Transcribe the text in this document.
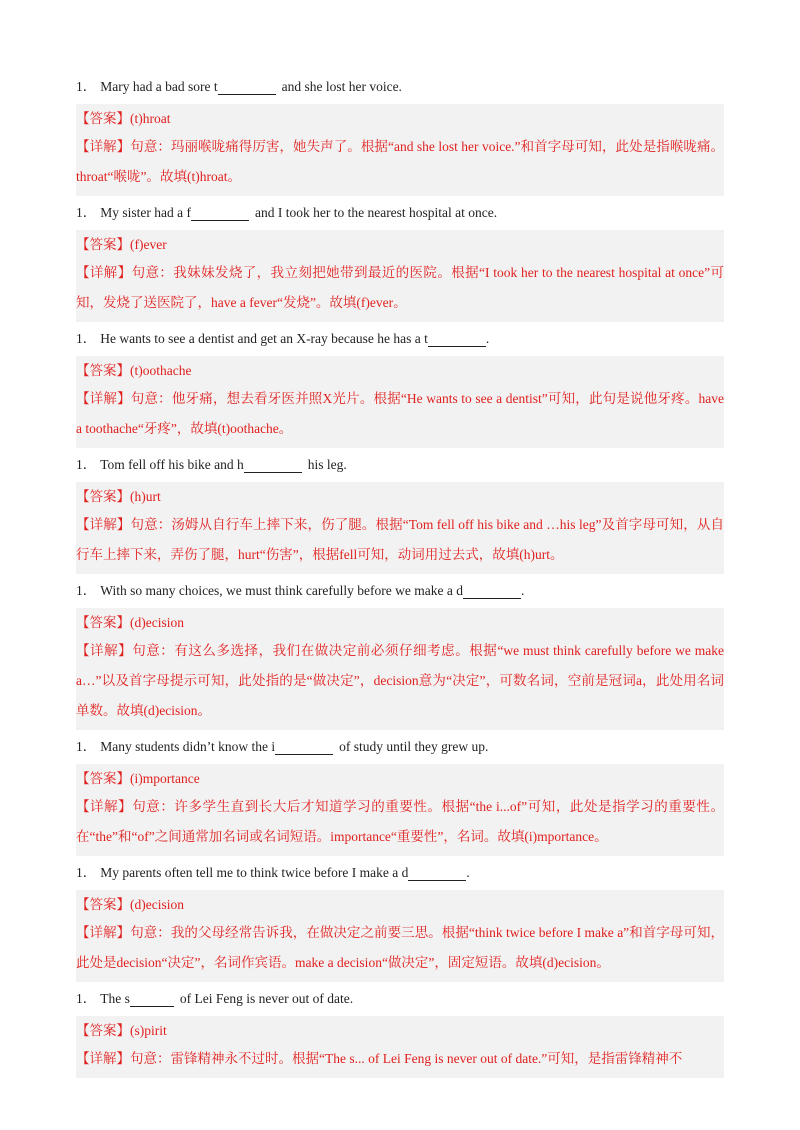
1． Mary had a bad sore t	and she lost her voice.
【答案】(t)hroat
【详解】句意：玛丽喉咙痛得厉害，她失声了。根据“and she lost her voice.”和首字母可知，此处是指喉咙痛。throat“喉咙”。故填(t)hroat。
1． My sister had a f	and I took her to the nearest hospital at once.
【答案】(f)ever
【详解】句意：我妹妹发烧了，我立刻把她带到最近的医院。根据“I took her to the nearest hospital at once”可知，发烧了送医院了，have a fever“发烧”。故填(f)ever。
1． He wants to see a dentist and get an X-ray because he has a t	.
【答案】(t)oothache
【详解】句意：他牙痛，想去看牙医并照X光片。根据“He wants to see a dentist”可知，此句是说他牙疼。have a toothache“牙疼”，故填(t)oothache。
1． Tom fell off his bike and h	his leg.
【答案】(h)urt
【详解】句意：汤姆从自行车上摔下来，伤了腿。根据“Tom fell off his bike and …his leg”及首字母可知，从自行车上摔下来，弄伤了腿，hurt“伤害”，根据fell可知，动词用过去式，故填(h)urt。
1． With so many choices, we must think carefully before we make a d	.
【答案】(d)ecision
【详解】句意：有这么多选择，我们在做决定前必须仔细考虑。根据“we must think carefully before we make a…”以及首字母提示可知，此处指的是“做决定”，decision意为“决定”，可数名词，空前是冠词a，此处用名词单数。故填(d)ecision。
1． Many students didn’t know the i	of study until they grew up.
【答案】(i)mportance
【详解】句意：许多学生直到长大后才知道学习的重要性。根据“the i...of”可知，此处是指学习的重要性。在“the”和“of”之间通常加名词或名词短语。importance“重要性”，名词。故填(i)mportance。
1． My parents often tell me to think twice before I make a d	.
【答案】(d)ecision
【详解】句意：我的父母经常告诉我，在做决定之前要三思。根据“think twice before I make a”和首字母可知，此处是decision“决定”，名词作宾语。make a decision“做决定”，固定短语。故填(d)ecision。
1． The s	of Lei Feng is never out of date.
【答案】(s)pirit
【详解】句意：雷锋精神永不过时。根据“The s... of Lei Feng is never out of date.”可知，是指雷锋精神不
